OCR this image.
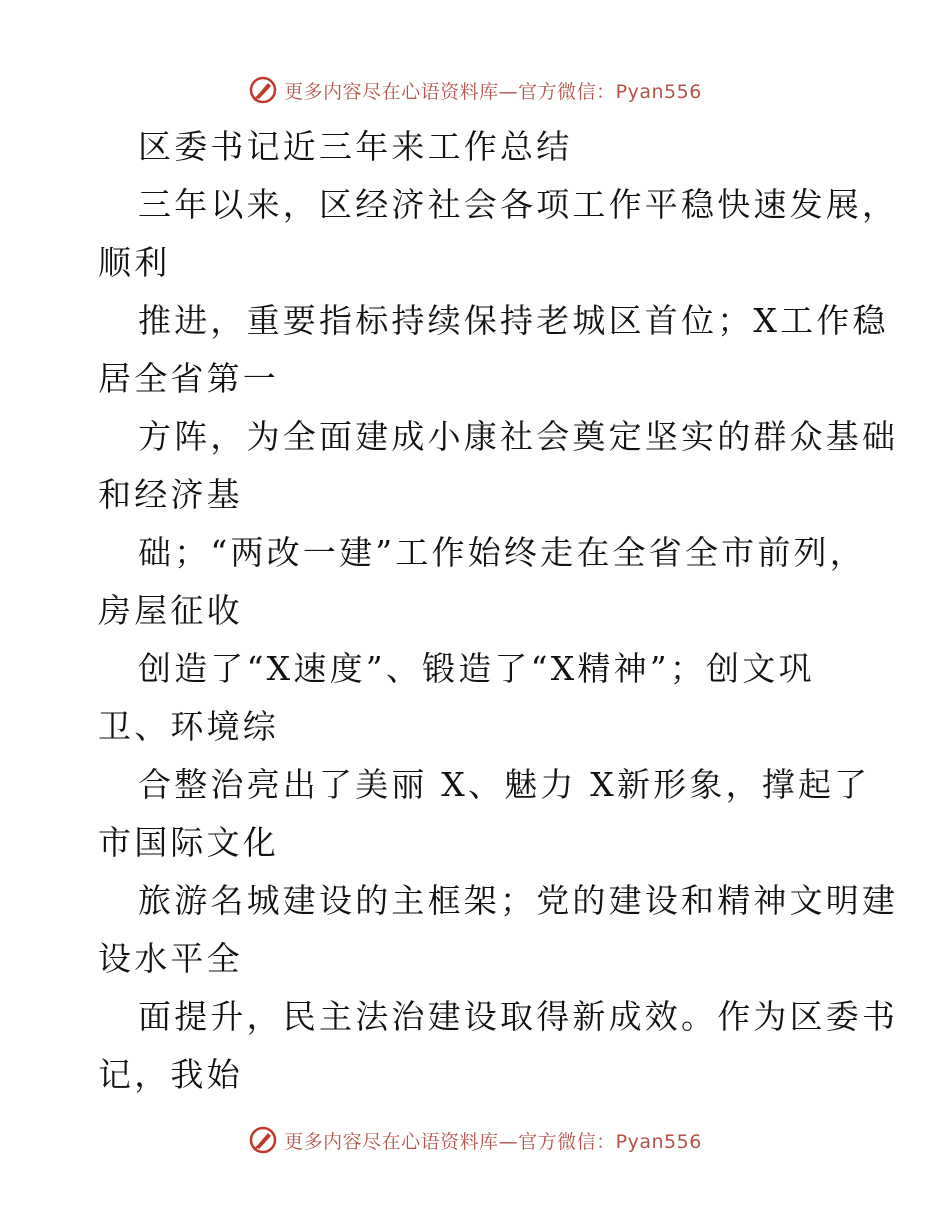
更多内容尽在心语资料库—官方微信：Pyan556
区委书记近三年来工作总结
三年以来，区经济社会各项工作平稳快速发展，
顺利
推进，重要指标持续保持老城区首位；X工作稳
居全省第一
方阵，为全面建成小康社会奠定坚实的群众基础
和经济基
础；“两改一建”工作始终走在全省全市前列，
房屋征收
创造了“X速度”、锻造了“X精神”；创文巩
卫、环境综
合整治亮出了美丽 X、魅力 X新形象，撑起了
市国际文化
旅游名城建设的主框架；党的建设和精神文明建
设水平全
面提升，民主法治建设取得新成效。作为区委书
记，我始
更多内容尽在心语资料库—官方微信：Pyan556
